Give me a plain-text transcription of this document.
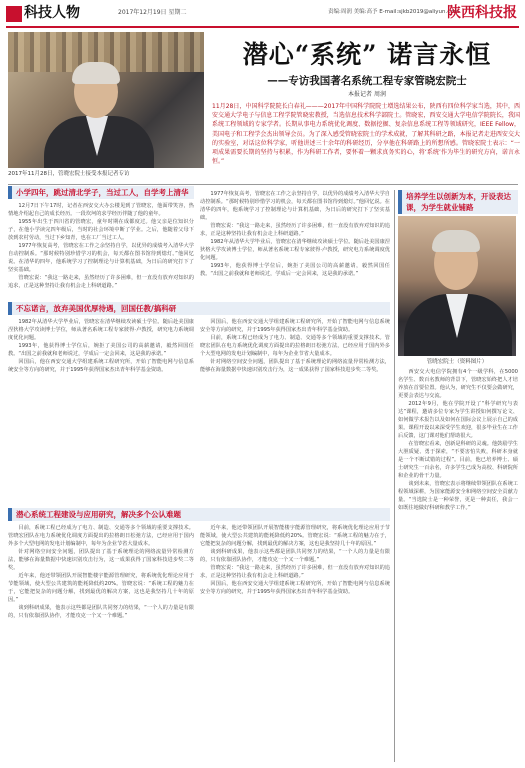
科技人物	2017年12月19日 星期二	责编:周润 美编:高予 E-mail:sjkb2019@aliyun.com
陕西科技报
2017年11月28日，管晓宏院士接受本报记者专访
潜心“系统” 诺言永恒
——专访我国著名系统工程专家管晓宏院士
本报记者 周润
11月28日，中国科学院院长白春礼———2017年中国科学院院士增选结果公布，陕西有四位科学家当选，其中，西安交通大学电子与信息工程学院管晓宏教授，当选信息技术科学部院士。管晓宏，西安交通大学电信学院院长，我国系统工程领域的专家学者。长期从事电力系统优化调度、数据挖掘、复杂信息系统工程等领域研究，IEEE Fellow，美国电子和工程学会杰出领导会员。为了深入感受管晓宏院士的学术成就，了解其科研之路，本报记者走进西安交大的实验室，对话这位科学家，听他讲述三十余年的科研经历，分享他在科研路上的所想所感。管晓宏院士表示：“一项成果需要长期的坚持与积累，作为科研工作者，要怀着一颗求真务实的心，将‘系统’作为毕生的研究方向，诺言永恒。”
小学四年，跳过清北学子，当过工人，自学考上清华

12月7日下午17时，记者在西安交大办公楼见到了管晓宏，他面带笑容，热情地介绍起自己的成长经历。一段坎坷的求学经历伴随了他的童年。

1955年出生于四川省的管晓宏，童年时期在成都度过。他父亲是位知识分子，在他小学读完四年级后，当时的社会环境中断了学业。之后，他随着父母下放到农村劳动，当过下乡知青，也在工厂当过工人。

1977年恢复高考，管晓宏在工作之余坚持自学，以优异的成绩考入清华大学自动控制系。“那时候特别珍惜学习的机会，每天都在图书馆待到熄灯。”他回忆说。在清华的四年，他系统学习了控制理论与计算机基础，为日后的研究打下了坚实基础。

管晓宏说：“我这一路走来，虽然经历了许多困难，但一直没有放弃对知识的追求，正是这种坚持让我有机会走上科研道路。”

1977年恢复高考，管晓宏在工作之余坚持自学，以优异的成绩考入清华大学自动控制系。“那时候特别珍惜学习的机会，每天都在图书馆待到熄灯。”他回忆说。在清华的四年，他系统学习了控制理论与计算机基础，为日后的研究打下了坚实基础。

管晓宏说：“我这一路走来，虽然经历了许多困难，但一直没有放弃对知识的追求，正是这种坚持让我有机会走上科研道路。”

1982年从清华大学毕业后，管晓宏在清华继续攻读硕士学位。随后赴美国康涅狄格大学攻读博士学位，师从著名系统工程专家彼得·卢教授，研究电力系统调度优化问题。

1993年，他获得博士学位后，婉拒了美国公司的高薪邀请，毅然回国任教。“出国之前我就和老师说过，学成后一定会回来，这是我的承诺。”

不忘诺言，放弃美国优厚待遇，回国任教/搞科研

1982年从清华大学毕业后，管晓宏在清华继续攻读硕士学位。随后赴美国康涅狄格大学攻读博士学位，师从著名系统工程专家彼得·卢教授，研究电力系统调度优化问题。

1993年，他获得博士学位后，婉拒了美国公司的高薪邀请，毅然回国任教。“出国之前我就和老师说过，学成后一定会回来，这是我的承诺。”

回国后，他在西安交通大学组建系统工程研究所，开始了智能电网与信息系统安全等方向的研究，并于1995年获得国家杰出青年科学基金资助。

回国后，他在西安交通大学组建系统工程研究所，开始了智能电网与信息系统安全等方向的研究，并于1995年获得国家杰出青年科学基金资助。

目前，系统工程已经成为了电力、制造、交通等多个领域的重要支撑技术。管晓宏团队在电力系统优化调度方面提出的拉格朗日松弛方法，已经应用于国内外多个大型电网的发电计划编制中，每年为企业节省大量成本。

针对网络空间安全问题，团队提出了基于系统理论的网络流量异常检测方法，能够在海量数据中快速识别攻击行为，这一成果获得了国家科技进步奖二等奖。

潜心系统工程建设与应用研究，解决多个公认难题

目前，系统工程已经成为了电力、制造、交通等多个领域的重要支撑技术。管晓宏团队在电力系统优化调度方面提出的拉格朗日松弛方法，已经应用于国内外多个大型电网的发电计划编制中，每年为企业节省大量成本。

针对网络空间安全问题，团队提出了基于系统理论的网络流量异常检测方法，能够在海量数据中快速识别攻击行为，这一成果获得了国家科技进步奖二等奖。

近年来，他还带领团队开展智能楼宇能源管理研究，将系统优化理论应用于节能领域，使大型公共建筑的能耗降低约20%。管晓宏说：“系统工程的魅力在于，它能把复杂的问题分解，找到最优的解决方案，这也是我坚持几十年的原因。”

谈到科研成果，他表示这些都是团队共同努力的结果，“一个人的力量是有限的，只有依靠团队协作，才能攻克一个又一个难题。”

近年来，他还带领团队开展智能楼宇能源管理研究，将系统优化理论应用于节能领域，使大型公共建筑的能耗降低约20%。管晓宏说：“系统工程的魅力在于，它能把复杂的问题分解，找到最优的解决方案，这也是我坚持几十年的原因。”

谈到科研成果，他表示这些都是团队共同努力的结果，“一个人的力量是有限的，只有依靠团队协作，才能攻克一个又一个难题。”

管晓宏说：“我这一路走来，虽然经历了许多困难，但一直没有放弃对知识的追求，正是这种坚持让我有机会走上科研道路。”

回国后，他在西安交通大学组建系统工程研究所，开始了智能电网与信息系统安全等方向的研究，并于1995年获得国家杰出青年科学基金资助。

培养学生以创新为本，开设表达课，为学生就业铺路
管晓宏院士（资料图片）

西安交大电信学院拥有4个一级学科，在5000名学生、数百名教师的背景下，管晓宏始终把人才培养放在首要位置。他认为，研究生不仅要会做研究，更要会表达与交流。

2012年9月，他在学院开设了“科学研究与表达”课程，邀请多位专家为学生讲授如何撰写论文、如何做学术报告以及如何在国际会议上展示自己的成果。课程开设以来深受学生欢迎，很多毕业生在工作后反馈，这门课对他们帮助很大。

在管晓宏看来，创新是科研的灵魂。他鼓励学生大胆质疑、勇于探索，“不要害怕失败，科研本身就是一个不断试错的过程”。目前，他已培养博士、硕士研究生一百余名，许多学生已成为高校、科研院所和企业的骨干力量。

谈到未来，管晓宏表示将继续带领团队在系统工程领域深耕，为国家能源安全和网络空间安全贡献力量。“当选院士是一种荣誉，更是一种责任，我会一如既往地做好科研和教学工作。”
